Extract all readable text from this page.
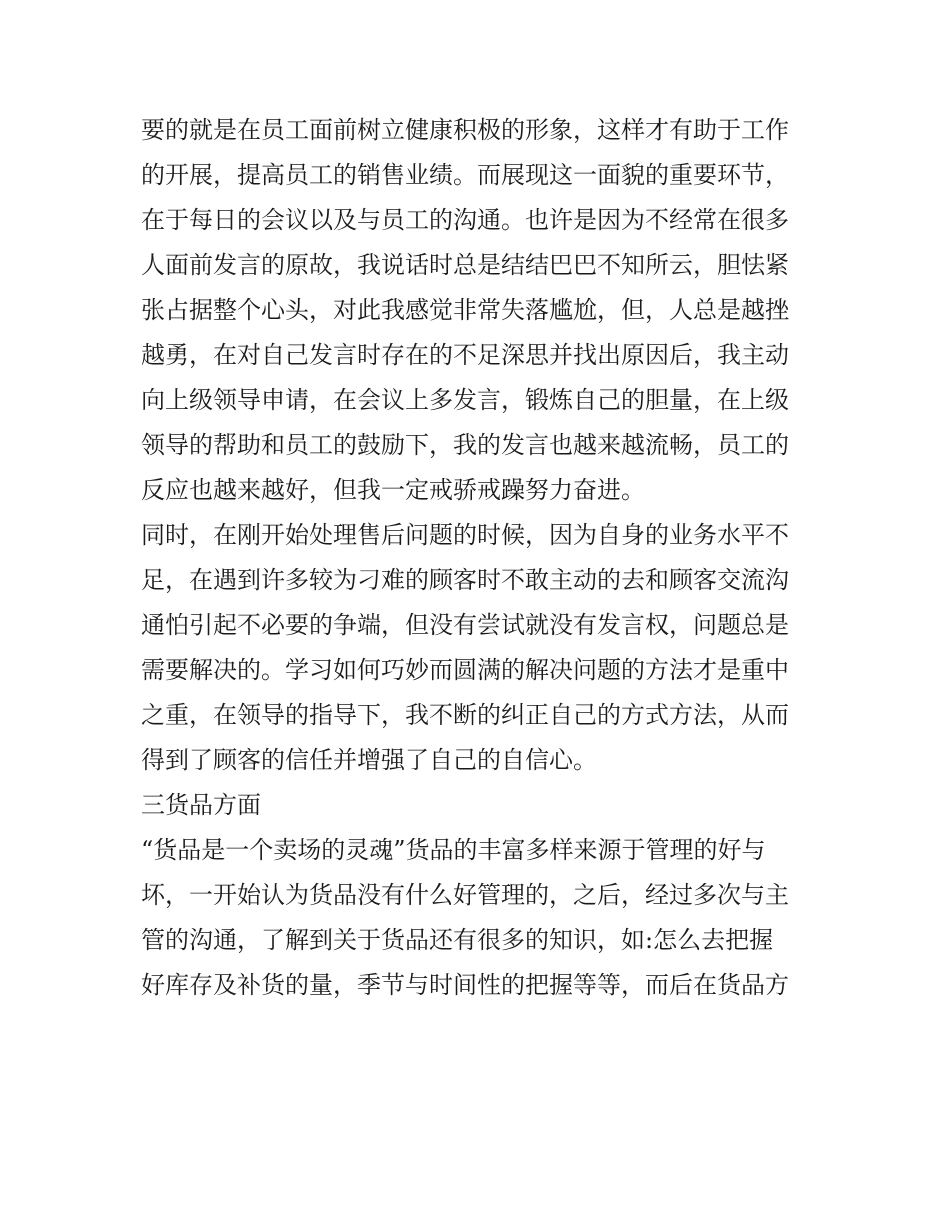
要的就是在员工面前树立健康积极的形象，这样才有助于工作
的开展，提高员工的销售业绩。而展现这一面貌的重要环节，
在于每日的会议以及与员工的沟通。也许是因为不经常在很多
人面前发言的原故，我说话时总是结结巴巴不知所云，胆怯紧
张占据整个心头，对此我感觉非常失落尴尬，但，人总是越挫
越勇，在对自己发言时存在的不足深思并找出原因后，我主动
向上级领导申请，在会议上多发言，锻炼自己的胆量，在上级
领导的帮助和员工的鼓励下，我的发言也越来越流畅，员工的
反应也越来越好，但我一定戒骄戒躁努力奋进。
同时，在刚开始处理售后问题的时候，因为自身的业务水平不
足，在遇到许多较为刁难的顾客时不敢主动的去和顾客交流沟
通怕引起不必要的争端，但没有尝试就没有发言权，问题总是
需要解决的。学习如何巧妙而圆满的解决问题的方法才是重中
之重，在领导的指导下，我不断的纠正自己的方式方法，从而
得到了顾客的信任并增强了自己的自信心。
三货品方面
“货品是一个卖场的灵魂”货品的丰富多样来源于管理的好与
坏，一开始认为货品没有什么好管理的，之后，经过多次与主
管的沟通，了解到关于货品还有很多的知识，如:怎么去把握
好库存及补货的量，季节与时间性的把握等等，而后在货品方
